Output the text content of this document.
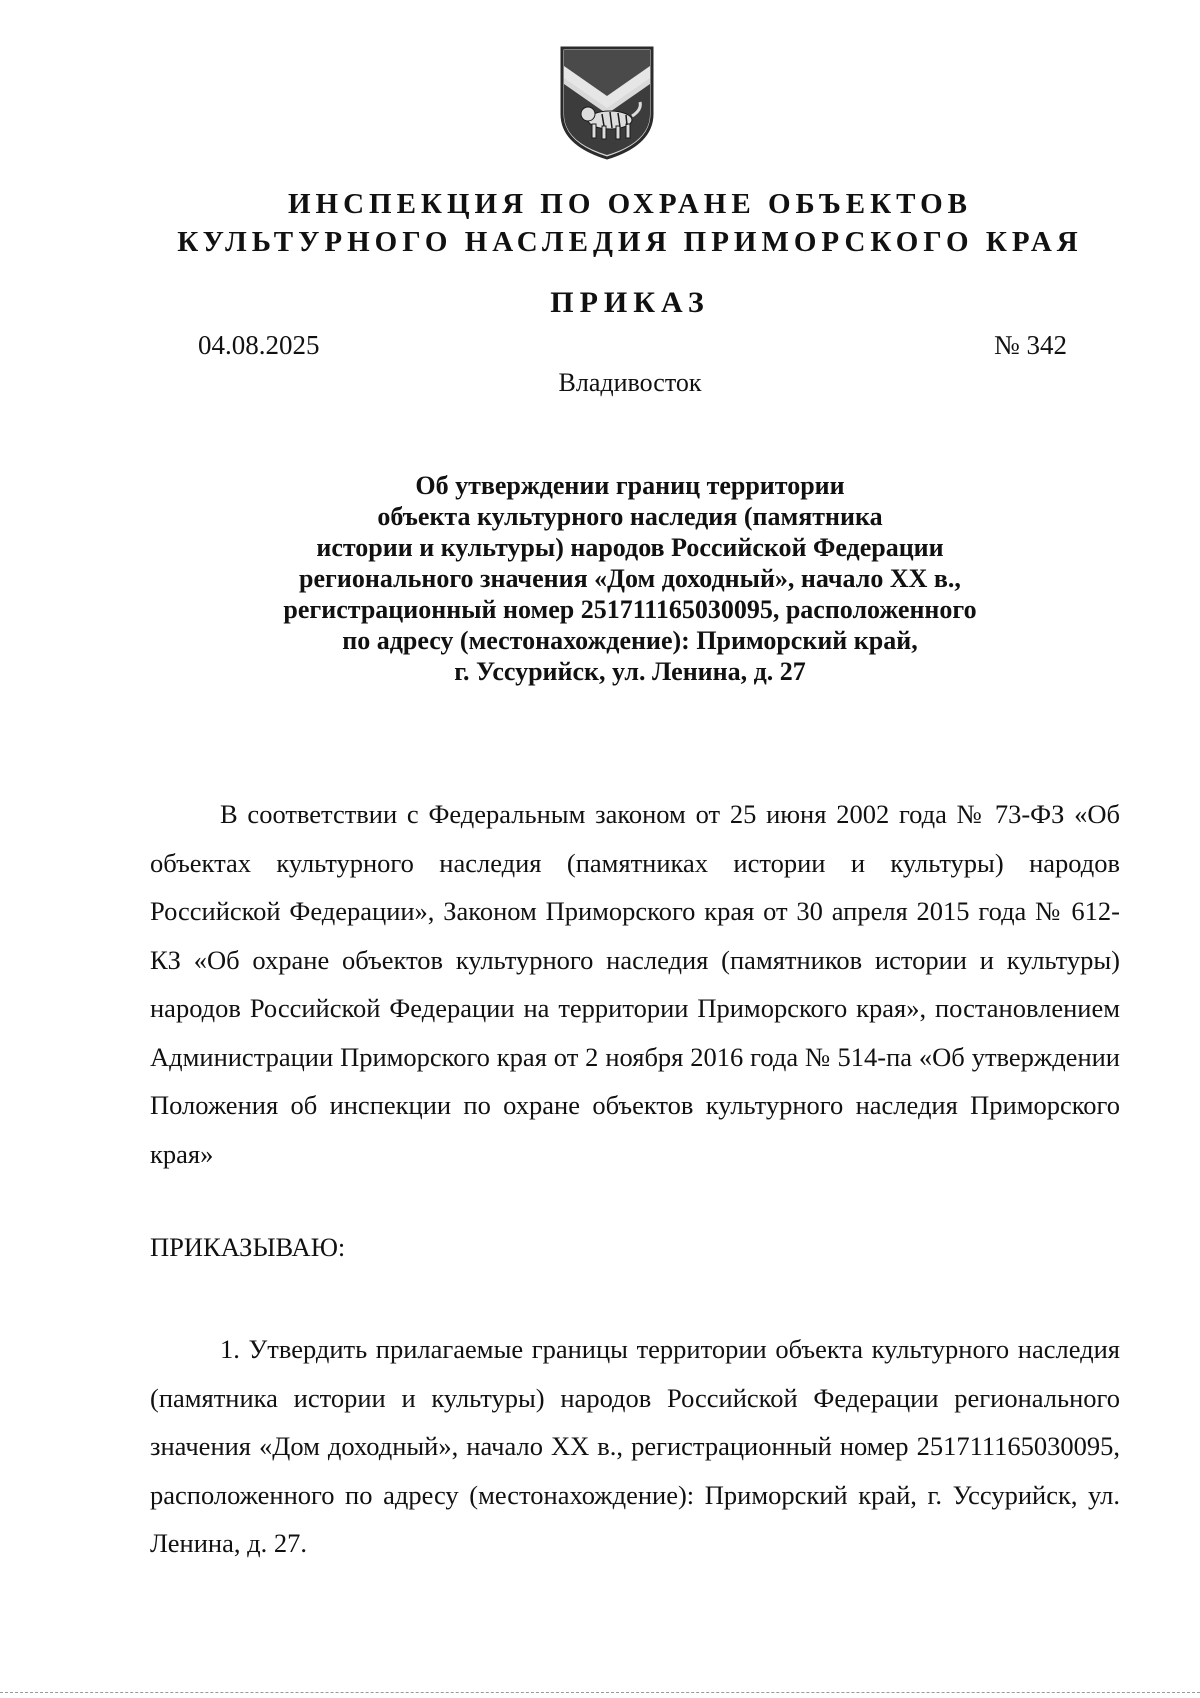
ИНСПЕКЦИЯ ПО ОХРАНЕ ОБЪЕКТОВ
КУЛЬТУРНОГО НАСЛЕДИЯ ПРИМОРСКОГО КРАЯ
ПРИКАЗ
04.08.2025	№ 342
Владивосток
Об утверждении границ территории
объекта культурного наследия (памятника
истории и культуры) народов Российской Федерации
регионального значения «Дом доходный», начало XX в.,
регистрационный номер 251711165030095, расположенного
по адресу (местонахождение): Приморский край,
г. Уссурийск, ул. Ленина, д. 27
В соответствии с Федеральным законом от 25 июня 2002 года № 73-ФЗ «Об объектах культурного наследия (памятниках истории и культуры) народов Российской Федерации», Законом Приморского края от 30 апреля 2015 года № 612-КЗ «Об охране объектов культурного наследия (памятников истории и культуры) народов Российской Федерации на территории Приморского края», постановлением Администрации Приморского края от 2 ноября 2016 года № 514-па «Об утверждении Положения об инспекции по охране объектов культурного наследия Приморского края»
ПРИКАЗЫВАЮ:
1. Утвердить прилагаемые границы территории объекта культурного наследия (памятника истории и культуры) народов Российской Федерации регионального значения «Дом доходный», начало XX в., регистрационный номер 251711165030095, расположенного по адресу (местонахождение): Приморский край, г. Уссурийск, ул. Ленина, д. 27.
